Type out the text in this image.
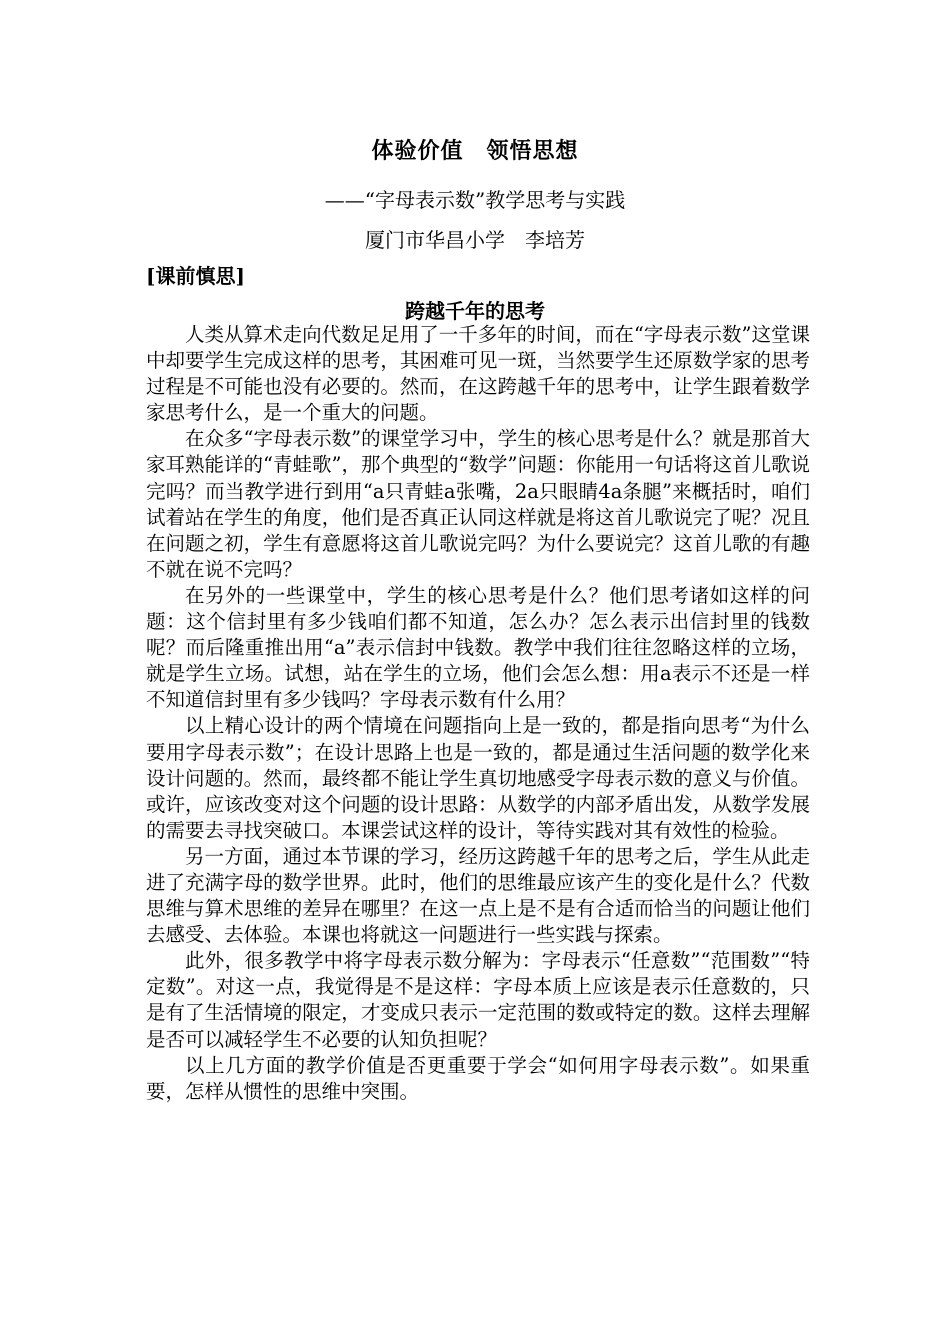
体验价值　领悟思想
——“字母表示数”教学思考与实践
厦门市华昌小学　李培芳
[课前慎思]
跨越千年的思考

人类从算术走向代数足足用了一千多年的时间，而在“字母表示数”这堂课中却要学生完成这样的思考，其困难可见一斑，当然要学生还原数学家的思考过程是不可能也没有必要的。然而，在这跨越千年的思考中，让学生跟着数学家思考什么，是一个重大的问题。

在众多“字母表示数”的课堂学习中，学生的核心思考是什么？就是那首大家耳熟能详的“青蛙歌”，那个典型的“数学”问题：你能用一句话将这首儿歌说完吗？而当教学进行到用“a只青蛙a张嘴，2a只眼睛4a条腿”来概括时，咱们试着站在学生的角度，他们是否真正认同这样就是将这首儿歌说完了呢？况且在问题之初，学生有意愿将这首儿歌说完吗？为什么要说完？这首儿歌的有趣不就在说不完吗？

在另外的一些课堂中，学生的核心思考是什么？他们思考诸如这样的问题：这个信封里有多少钱咱们都不知道，怎么办？怎么表示出信封里的钱数呢？而后隆重推出用“a”表示信封中钱数。教学中我们往往忽略这样的立场，就是学生立场。试想，站在学生的立场，他们会怎么想：用a表示不还是一样不知道信封里有多少钱吗？字母表示数有什么用？

以上精心设计的两个情境在问题指向上是一致的，都是指向思考“为什么要用字母表示数”；在设计思路上也是一致的，都是通过生活问题的数学化来设计问题的。然而，最终都不能让学生真切地感受字母表示数的意义与价值。或许，应该改变对这个问题的设计思路：从数学的内部矛盾出发，从数学发展的需要去寻找突破口。本课尝试这样的设计，等待实践对其有效性的检验。

另一方面，通过本节课的学习，经历这跨越千年的思考之后，学生从此走进了充满字母的数学世界。此时，他们的思维最应该产生的变化是什么？代数思维与算术思维的差异在哪里？在这一点上是不是有合适而恰当的问题让他们去感受、去体验。本课也将就这一问题进行一些实践与探索。

此外，很多教学中将字母表示数分解为：字母表示“任意数”“范围数”“特定数”。对这一点，我觉得是不是这样：字母本质上应该是表示任意数的，只是有了生活情境的限定，才变成只表示一定范围的数或特定的数。这样去理解是否可以减轻学生不必要的认知负担呢？

以上几方面的教学价值是否更重要于学会“如何用字母表示数”。如果重要，怎样从惯性的思维中突围。
